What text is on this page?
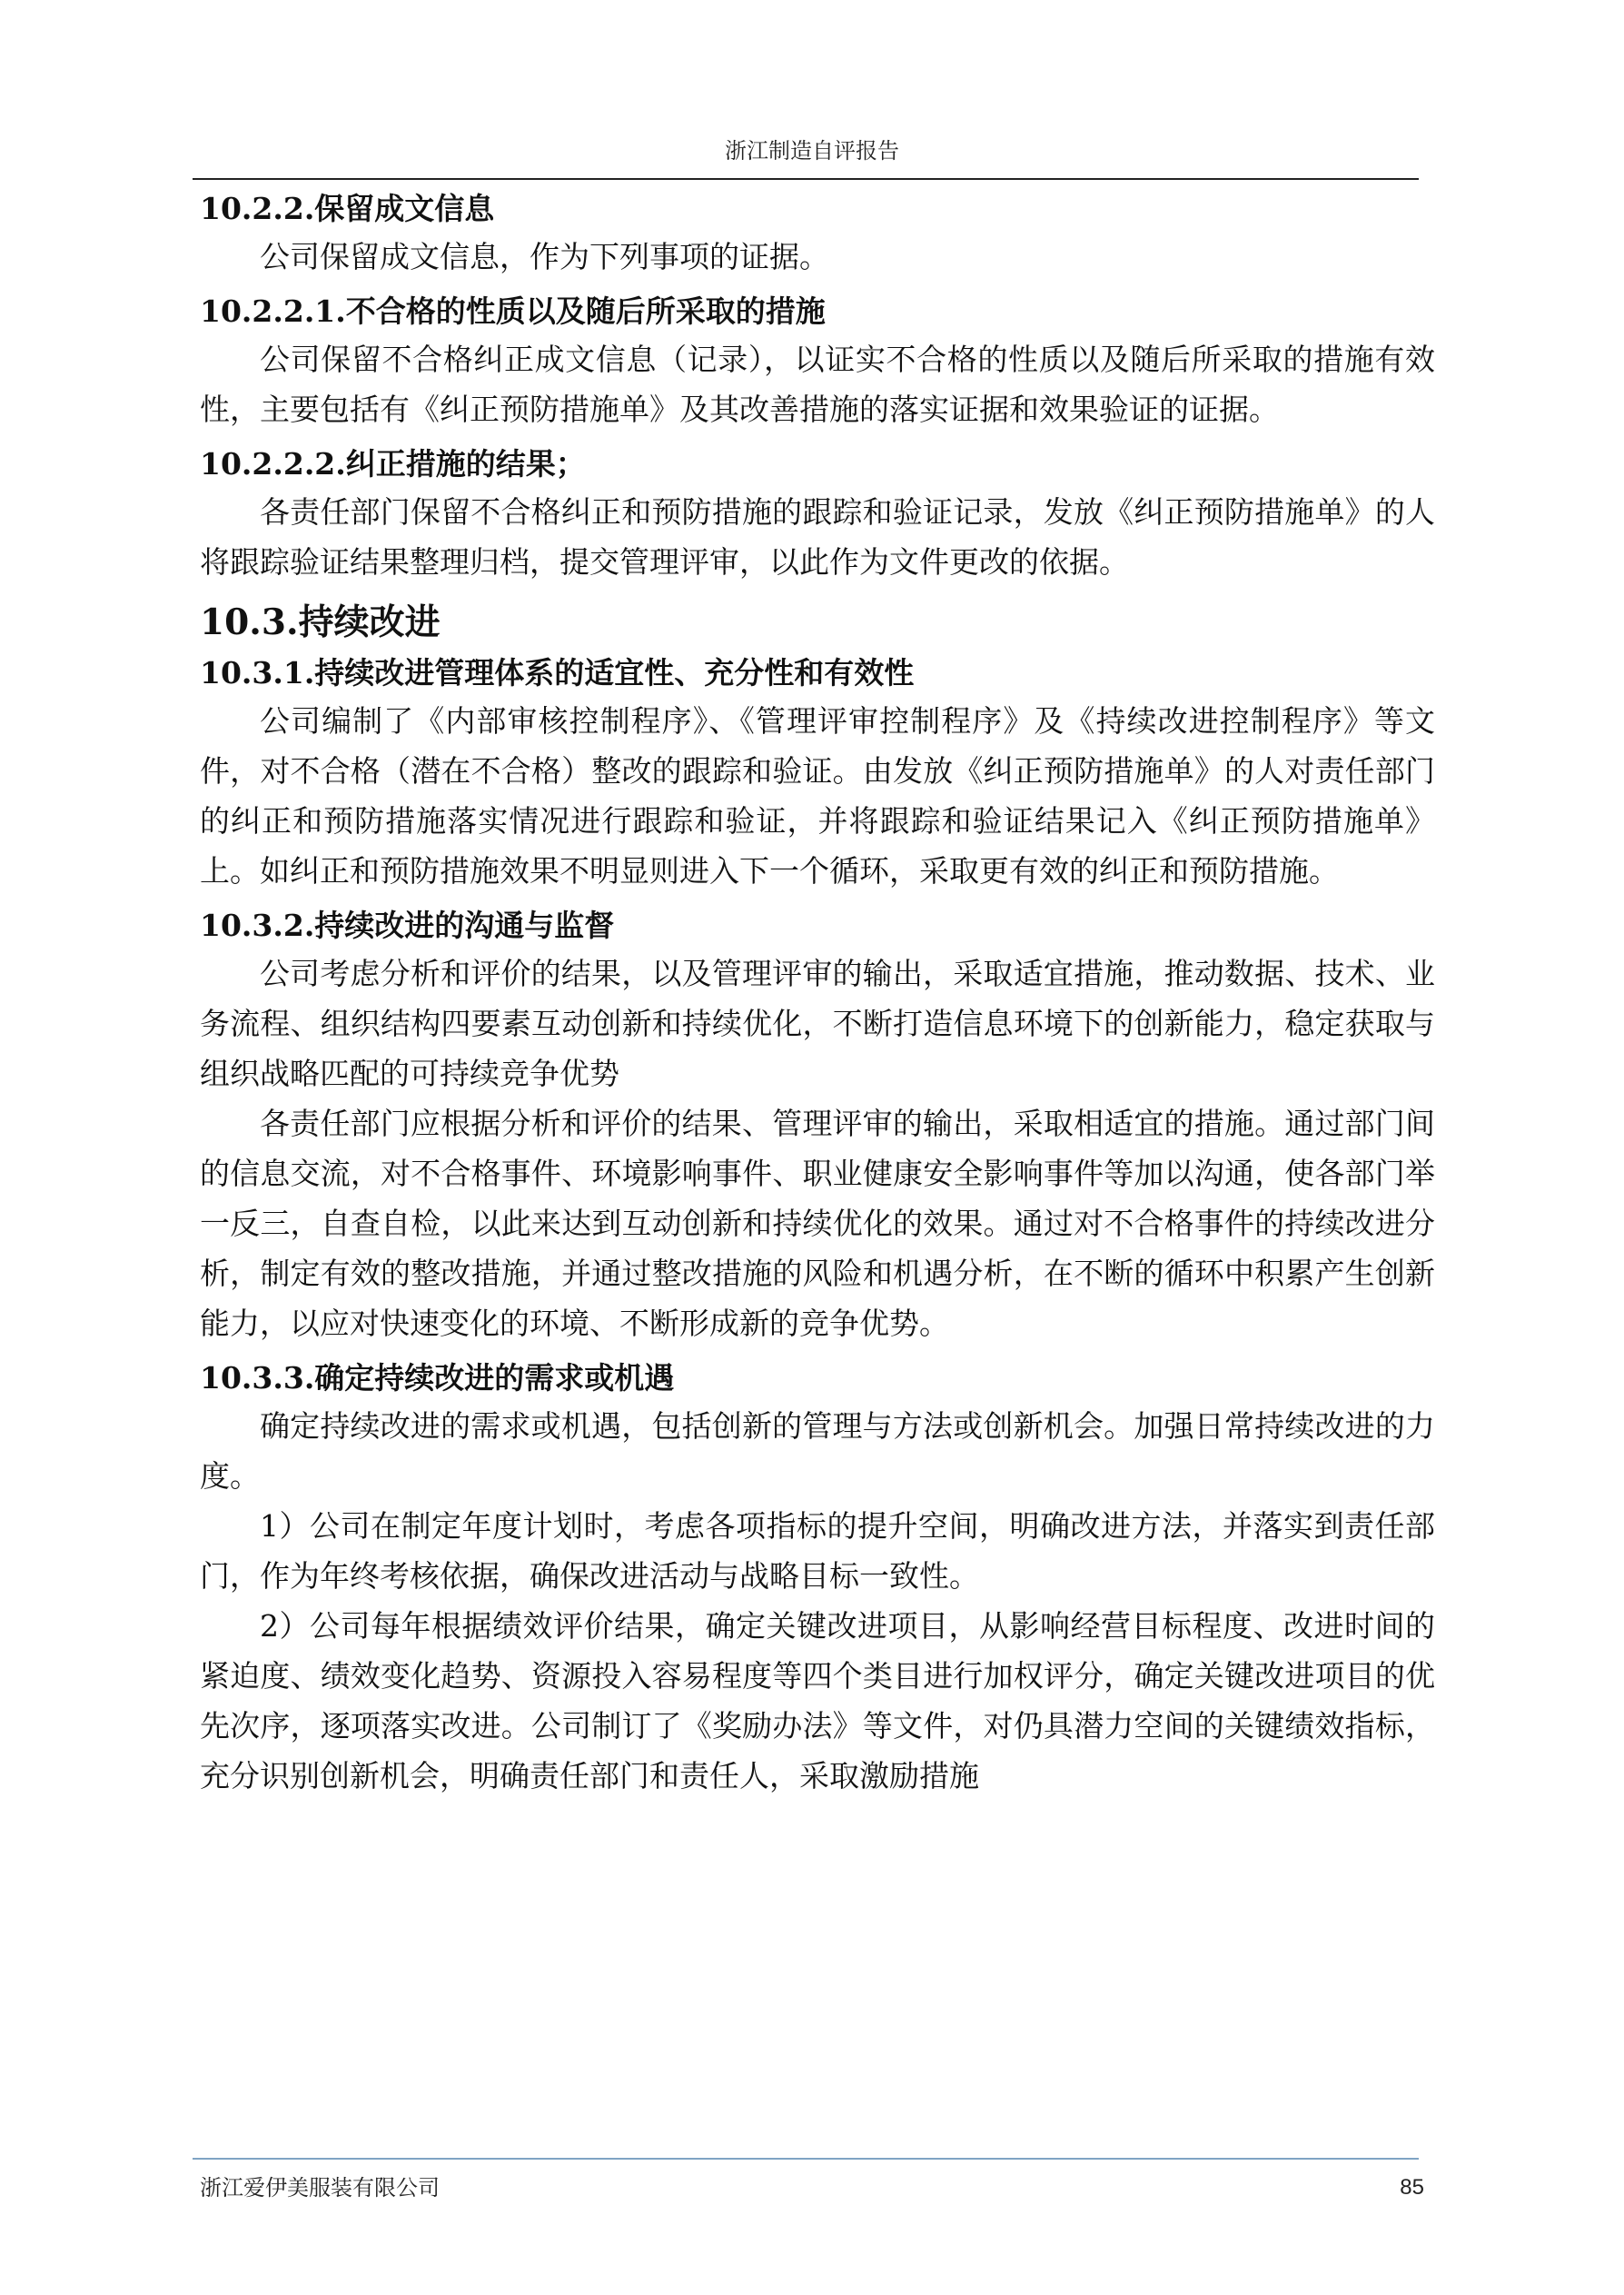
浙江制造自评报告
10.2.2.保留成文信息
公司保留成文信息，作为下列事项的证据。
10.2.2.1.不合格的性质以及随后所采取的措施
公司保留不合格纠正成文信息（记录），以证实不合格的性质以及随后所采取的措施有效性，主要包括有《纠正预防措施单》及其改善措施的落实证据和效果验证的证据。
10.2.2.2.纠正措施的结果；
各责任部门保留不合格纠正和预防措施的跟踪和验证记录，发放《纠正预防措施单》的人将跟踪验证结果整理归档，提交管理评审，以此作为文件更改的依据。
10.3.持续改进
10.3.1.持续改进管理体系的适宜性、充分性和有效性
公司编制了《内部审核控制程序》、《管理评审控制程序》及《持续改进控制程序》等文件，对不合格（潜在不合格）整改的跟踪和验证。由发放《纠正预防措施单》的人对责任部门的纠正和预防措施落实情况进行跟踪和验证，并将跟踪和验证结果记入《纠正预防措施单》上。如纠正和预防措施效果不明显则进入下一个循环，采取更有效的纠正和预防措施。
10.3.2.持续改进的沟通与监督
公司考虑分析和评价的结果，以及管理评审的输出，采取适宜措施，推动数据、技术、业务流程、组织结构四要素互动创新和持续优化，不断打造信息环境下的创新能力，稳定获取与组织战略匹配的可持续竞争优势
各责任部门应根据分析和评价的结果、管理评审的输出，采取相适宜的措施。通过部门间的信息交流，对不合格事件、环境影响事件、职业健康安全影响事件等加以沟通，使各部门举一反三，自查自检，以此来达到互动创新和持续优化的效果。通过对不合格事件的持续改进分析，制定有效的整改措施，并通过整改措施的风险和机遇分析，在不断的循环中积累产生创新能力，以应对快速变化的环境、不断形成新的竞争优势。
10.3.3.确定持续改进的需求或机遇
确定持续改进的需求或机遇，包括创新的管理与方法或创新机会。加强日常持续改进的力度。
1）公司在制定年度计划时，考虑各项指标的提升空间，明确改进方法，并落实到责任部门，作为年终考核依据，确保改进活动与战略目标一致性。
2）公司每年根据绩效评价结果，确定关键改进项目，从影响经营目标程度、改进时间的紧迫度、绩效变化趋势、资源投入容易程度等四个类目进行加权评分，确定关键改进项目的优先次序，逐项落实改进。公司制订了《奖励办法》等文件，对仍具潜力空间的关键绩效指标，充分识别创新机会，明确责任部门和责任人，采取激励措施
浙江爱伊美服装有限公司	85
